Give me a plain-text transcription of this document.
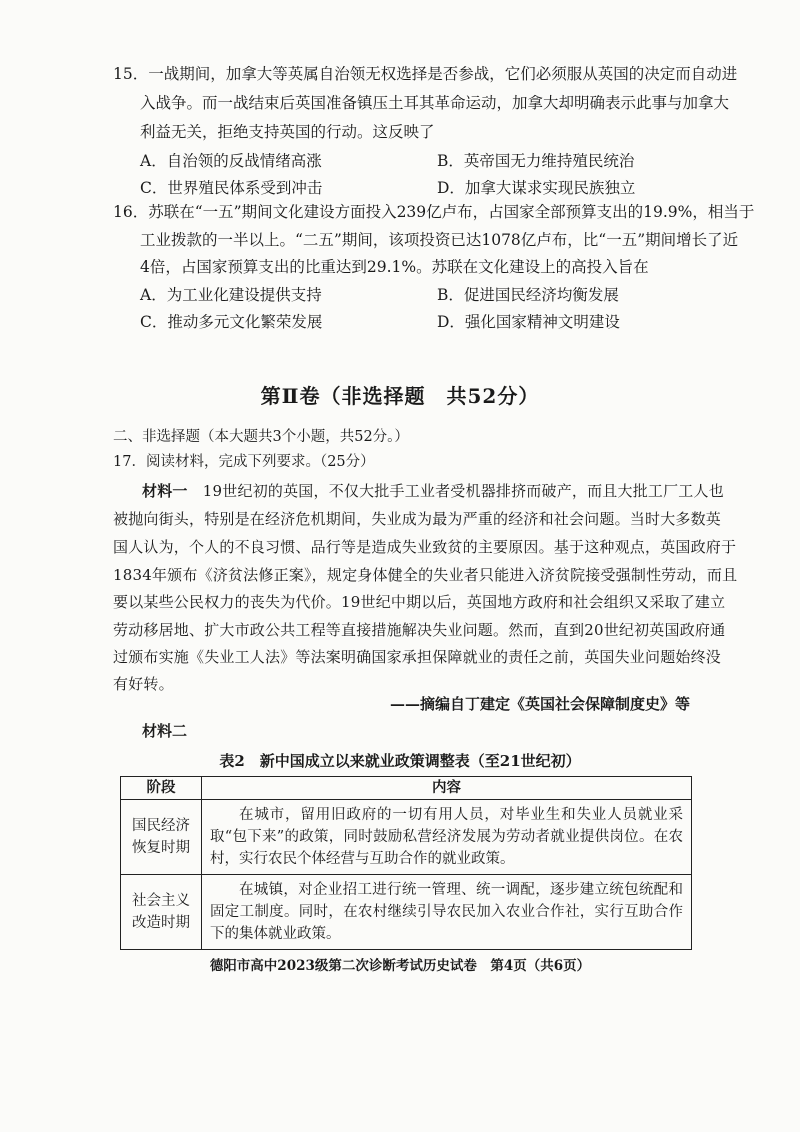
15．一战期间，加拿大等英属自治领无权选择是否参战，它们必须服从英国的决定而自动进
入战争。而一战结束后英国准备镇压土耳其革命运动，加拿大却明确表示此事与加拿大
利益无关，拒绝支持英国的行动。这反映了
A．自治领的反战情绪高涨	B．英帝国无力维持殖民统治
C．世界殖民体系受到冲击	D．加拿大谋求实现民族独立
16．苏联在“一五”期间文化建设方面投入239亿卢布，占国家全部预算支出的19.9%，相当于
工业拨款的一半以上。“二五”期间，该项投资已达1078亿卢布，比“一五”期间增长了近
4倍，占国家预算支出的比重达到29.1%。苏联在文化建设上的高投入旨在
A．为工业化建设提供支持	B．促进国民经济均衡发展
C．推动多元文化繁荣发展	D．强化国家精神文明建设
第Ⅱ卷（非选择题　共52分）
二、非选择题（本大题共3个小题，共52分。）
17．阅读材料，完成下列要求。（25分）
材料一　19世纪初的英国，不仅大批手工业者受机器排挤而破产，而且大批工厂工人也
被抛向街头，特别是在经济危机期间，失业成为最为严重的经济和社会问题。当时大多数英
国人认为，个人的不良习惯、品行等是造成失业致贫的主要原因。基于这种观点，英国政府于
1834年颁布《济贫法修正案》，规定身体健全的失业者只能进入济贫院接受强制性劳动，而且
要以某些公民权力的丧失为代价。19世纪中期以后，英国地方政府和社会组织又采取了建立
劳动移居地、扩大市政公共工程等直接措施解决失业问题。然而，直到20世纪初英国政府通
过颁布实施《失业工人法》等法案明确国家承担保障就业的责任之前，英国失业问题始终没
有好转。
——摘编自丁建定《英国社会保障制度史》等
材料二
表2　新中国成立以来就业政策调整表（至21世纪初）
阶段	内容
国民经济恢复时期	在城市，留用旧政府的一切有用人员，对毕业生和失业人员就业采取“包下来”的政策，同时鼓励私营经济发展为劳动者就业提供岗位。在农村，实行农民个体经营与互助合作的就业政策。
社会主义改造时期	在城镇，对企业招工进行统一管理、统一调配，逐步建立统包统配和固定工制度。同时，在农村继续引导农民加入农业合作社，实行互助合作下的集体就业政策。
德阳市高中2023级第二次诊断考试历史试卷　第4页（共6页）
